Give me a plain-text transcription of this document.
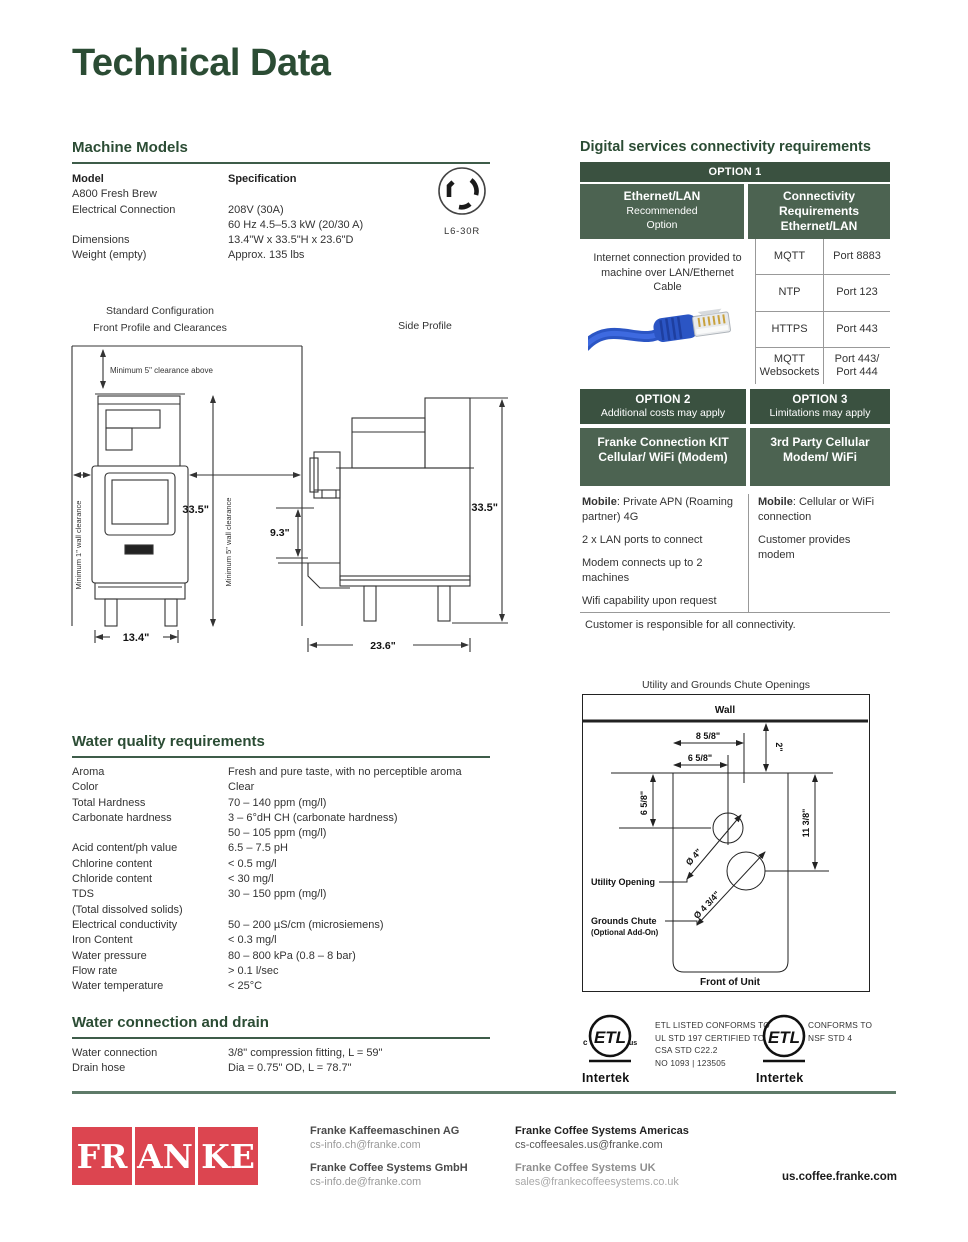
Technical Data
Machine Models
Model	Specification
A800 Fresh Brew
Electrical Connection	208V (30A)
60 Hz 4.5–5.3 kW (20/30 A)
Dimensions	13.4"W x 33.5"H x 23.6"D
Weight (empty)	Approx. 135 lbs
L6-30R
Standard Configuration
Front Profile and Clearances	Side Profile
Minimum 5" clearance above
33.5"
Minimum 1" wall clearance	Minimum 5" wall clearance
13.4"
9.3"
33.5"
23.6"
Water quality requirements
Aroma	Fresh and pure taste, with no perceptible aroma
Color	Clear
Total Hardness	70 – 140 ppm (mg/l)
Carbonate hardness	3 – 6°dH CH (carbonate hardness)
50 – 105 ppm (mg/l)
Acid content/ph value	6.5 – 7.5 pH
Chlorine content	< 0.5 mg/l
Chloride content	< 30 mg/l
TDS	30 – 150 ppm (mg/l)
(Total dissolved solids)
Electrical conductivity	50 – 200 µS/cm (microsiemens)
Iron Content	< 0.3 mg/l
Water pressure	80 – 800 kPa (0.8 – 8 bar)
Flow rate	> 0.1 l/sec
Water temperature	< 25°C
Water connection and drain
Water connection	3/8" compression fitting, L = 59"
Drain hose	Dia = 0.75" OD, L = 78.7"
Digital services connectivity requirements
OPTION 1
Ethernet/LAN
Recommended
Option
Connectivity Requirements Ethernet/LAN
Internet connection provided to machine over LAN/Ethernet Cable
MQTT	Port 8883
NTP	Port 123
HTTPS	Port 443
MQTT Websockets
Port 443/ Port 444
OPTION 2
Additional costs may apply
Franke Connection KIT Cellular/ WiFi (Modem)

Mobile: Private APN (Roaming partner) 4G

2 x LAN ports to connect

Modem connects up to 2 machines

Wifi capability upon request

OPTION 3
Limitations may apply
3rd Party Cellular Modem/ WiFi

Mobile: Cellular or WiFi connection

Customer provides modem

Customer is responsible for all connectivity.
Utility and Grounds Chute Openings
Wall
8 5/8"
6 5/8"
2"
6 5/8"
11 3/8"
Ø 4"
Ø 4 3/4"
Utility Opening
Grounds Chute
(Optional Add-On)
Front of Unit
ETL
c	us
Intertek
ETL LISTED CONFORMS TO
UL STD 197 CERTIFIED TO
CSA STD C22.2
NO 1093 | 123505
ETL
Intertek
CONFORMS TO
NSF STD 4
FR AN KE
Franke Kaffeemaschinen AG
cs-info.ch@franke.com
Franke Coffee Systems GmbH
cs-info.de@franke.com
Franke Coffee Systems Americas
cs-coffeesales.us@franke.com
Franke Coffee Systems UK
sales@frankecoffeesystems.co.uk	us.coffee.franke.com
